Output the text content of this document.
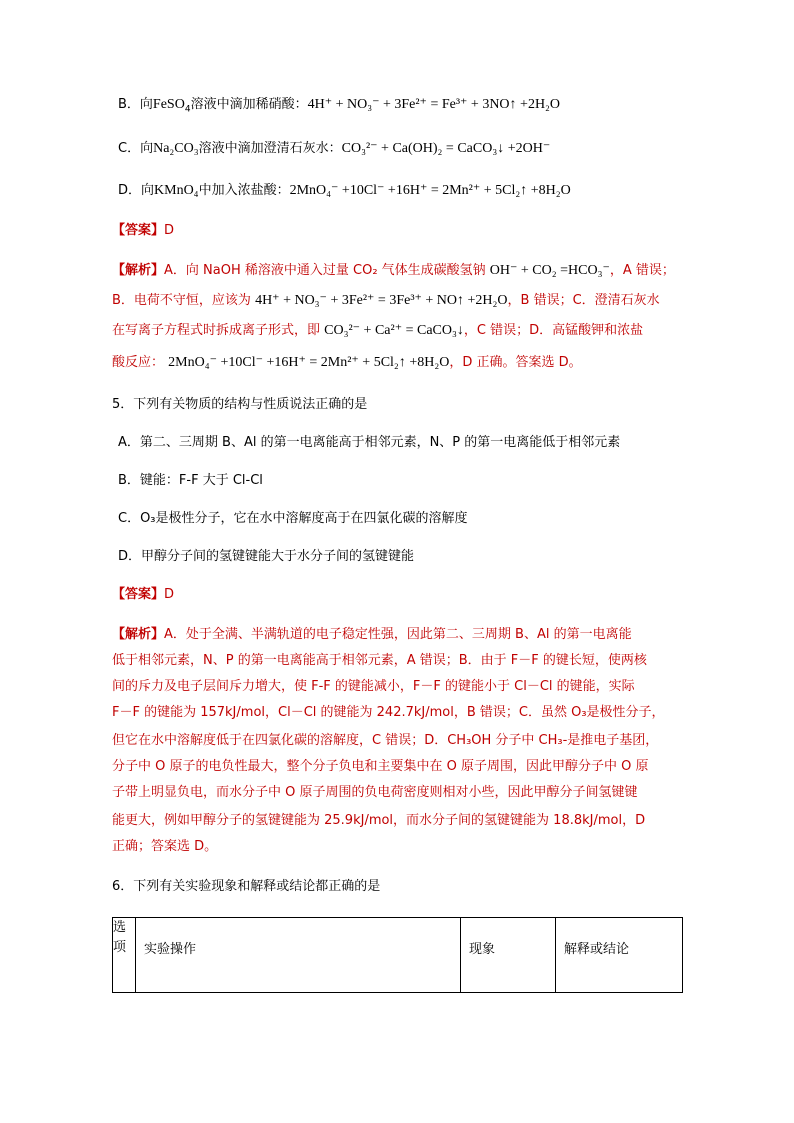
B．向FeSO$_4$溶液中滴加稀硝酸：4H⁺ + NO₃⁻ + 3Fe²⁺ = Fe³⁺ + 3NO↑ +2H₂O
C．向Na₂CO₃溶液中滴加澄清石灰水：CO₃²⁻ + Ca(OH)₂ = CaCO₃↓ +2OH⁻
D．向KMnO₄中加入浓盐酸：2MnO₄⁻ +10Cl⁻ +16H⁺ = 2Mn²⁺ + 5Cl₂↑ +8H₂O
【答案】D
【解析】A．向 NaOH 稀溶液中通入过量 CO₂ 气体生成碳酸氢钠 OH⁻ + CO₂ =HCO₃⁻，A 错误；
B．电荷不守恒，应该为 4H⁺ + NO₃⁻ + 3Fe²⁺ = 3Fe³⁺ + NO↑ +2H₂O，B 错误；C．澄清石灰水
在写离子方程式时拆成离子形式，即 CO₃²⁻ + Ca²⁺ = CaCO₃↓，C 错误；D．高锰酸钾和浓盐
酸反应： 2MnO₄⁻ +10Cl⁻ +16H⁺ = 2Mn²⁺ + 5Cl₂↑ +8H₂O，D 正确。答案选 D。
5．下列有关物质的结构与性质说法正确的是
A．第二、三周期 B、Al 的第一电离能高于相邻元素，N、P 的第一电离能低于相邻元素
B．键能：F-F 大于 Cl-Cl
C．O₃是极性分子，它在水中溶解度高于在四氯化碳的溶解度
D．甲醇分子间的氢键键能大于水分子间的氢键键能
【答案】D
【解析】A．处于全满、半满轨道的电子稳定性强，因此第二、三周期 B、Al 的第一电离能
低于相邻元素，N、P 的第一电离能高于相邻元素，A 错误；B．由于 F－F 的键长短，使两核
间的斥力及电子层间斥力增大，使 F-F 的键能减小，F－F 的键能小于 Cl－Cl 的键能，实际
F－F 的键能为 157kJ/mol，Cl－Cl 的键能为 242.7kJ/mol，B 错误；C．虽然 O₃是极性分子，
但它在水中溶解度低于在四氯化碳的溶解度，C 错误；D．CH₃OH 分子中 CH₃-是推电子基团，
分子中 O 原子的电负性最大，整个分子负电和主要集中在 O 原子周围，因此甲醇分子中 O 原
子带上明显负电，而水分子中 O 原子周围的负电荷密度则相对小些，因此甲醇分子间氢键键
能更大，例如甲醇分子的氢键键能为 25.9kJ/mol，而水分子间的氢键键能为 18.8kJ/mol，D
正确；答案选 D。
6．下列有关实验现象和解释或结论都正确的是
选项	实验操作	现象	解释或结论
